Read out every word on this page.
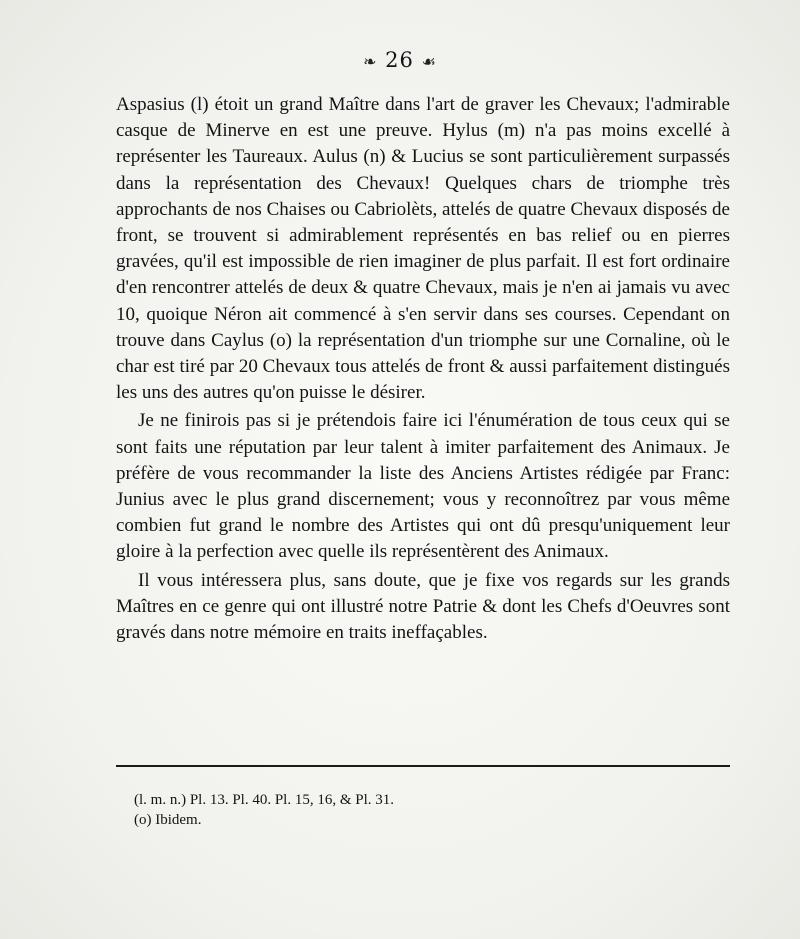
❧ 26 ☙

Aspasius (l) étoit un grand Maître dans l'art de graver les Chevaux; l'admirable casque de Minerve en est une preuve. Hylus (m) n'a pas moins excellé à représenter les Taureaux. Aulus (n) & Lucius se sont particulièrement surpassés dans la représentation des Chevaux! Quelques chars de triomphe très approchants de nos Chaises ou Cabriolèts, attelés de quatre Chevaux disposés de front, se trouvent si admirablement représentés en bas relief ou en pierres gravées, qu'il est impossible de rien imaginer de plus parfait. Il est fort ordinaire d'en rencontrer attelés de deux & quatre Chevaux, mais je n'en ai jamais vu avec 10, quoique Néron ait commencé à s'en servir dans ses courses. Cependant on trouve dans Caylus (o) la représentation d'un triomphe sur une Cornaline, où le char est tiré par 20 Chevaux tous attelés de front & aussi parfaitement distingués les uns des autres qu'on puisse le désirer.

Je ne finirois pas si je prétendois faire ici l'énumération de tous ceux qui se sont faits une réputation par leur talent à imiter parfaitement des Animaux. Je préfère de vous recommander la liste des Anciens Artistes rédigée par Franc: Junius avec le plus grand discernement; vous y reconnoîtrez par vous même combien fut grand le nombre des Artistes qui ont dû presqu'uniquement leur gloire à la perfection avec quelle ils représentèrent des Animaux.

Il vous intéressera plus, sans doute, que je fixe vos regards sur les grands Maîtres en ce genre qui ont illustré notre Patrie & dont les Chefs d'Oeuvres sont gravés dans notre mémoire en traits ineffaçables.

(l. m. n.) Pl. 13. Pl. 40. Pl. 15, 16, & Pl. 31.
(o) Ibidem.
